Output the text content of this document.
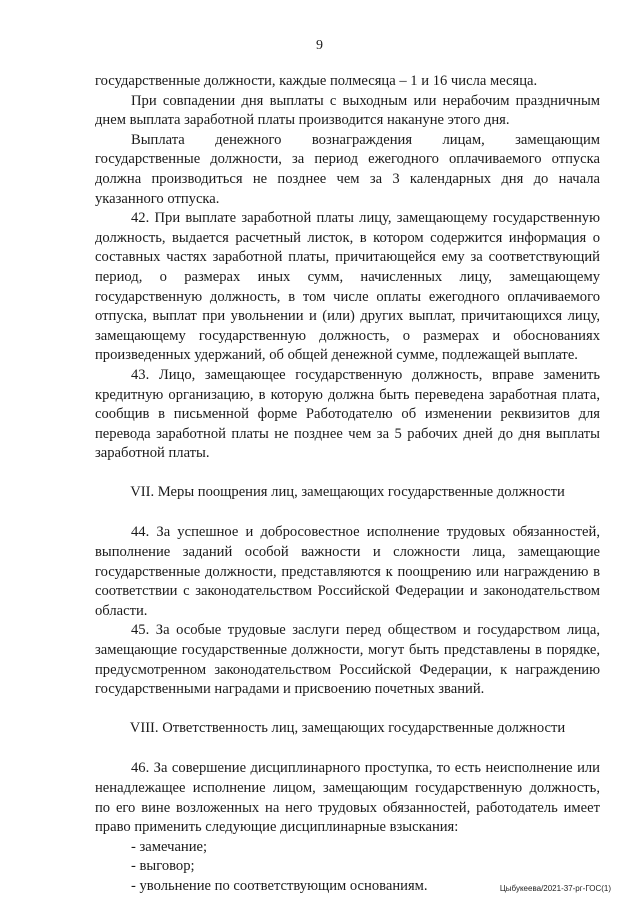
9

государственные должности, каждые полмесяца – 1 и 16 числа месяца.

При совпадении дня выплаты с выходным или нерабочим праздничным днем выплата заработной платы производится накануне этого дня.

Выплата денежного вознаграждения лицам, замещающим государственные должности, за период ежегодного оплачиваемого отпуска должна производиться не позднее чем за 3 календарных дня до начала указанного отпуска.

42. При выплате заработной платы лицу, замещающему государственную должность, выдается расчетный листок, в котором содержится информация о составных частях заработной платы, причитающейся ему за соответствующий период, о размерах иных сумм, начисленных лицу, замещающему государственную должность, в том числе оплаты ежегодного оплачиваемого отпуска, выплат при увольнении и (или) других выплат, причитающихся лицу, замещающему государственную должность, о размерах и обоснованиях произведенных удержаний, об общей денежной сумме, подлежащей выплате.

43. Лицо, замещающее государственную должность, вправе заменить кредитную организацию, в которую должна быть переведена заработная плата, сообщив в письменной форме Работодателю об изменении реквизитов для перевода заработной платы не позднее чем за 5 рабочих дней до дня выплаты заработной платы.

VII. Меры поощрения лиц, замещающих государственные должности

44. За успешное и добросовестное исполнение трудовых обязанностей, выполнение заданий особой важности и сложности лица, замещающие государственные должности, представляются к поощрению или награждению в соответствии с законодательством Российской Федерации и законодательством области.

45. За особые трудовые заслуги перед обществом и государством лица, замещающие государственные должности, могут быть представлены в порядке, предусмотренном законодательством Российской Федерации, к награждению государственными наградами и присвоению почетных званий.

VIII. Ответственность лиц, замещающих государственные должности

46. За совершение дисциплинарного проступка, то есть неисполнение или ненадлежащее исполнение лицом, замещающим государственную должность, по его вине возложенных на него трудовых обязанностей, работодатель имеет право применить следующие дисциплинарные взыскания:

- замечание;

- выговор;

- увольнение по соответствующим основаниям.	Цыбукеева/2021-37-рг-ГОС(1)
